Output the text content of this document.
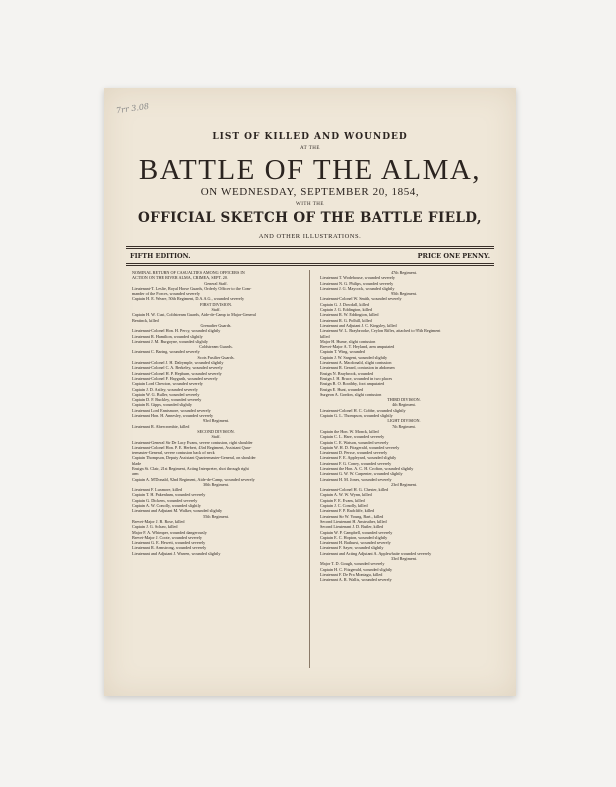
7rr 3.08
LIST OF KILLED AND WOUNDED
AT THE
BATTLE OF THE ALMA,
ON WEDNESDAY, SEPTEMBER 20, 1854,
WITH THE
OFFICIAL SKETCH OF THE BATTLE FIELD,
AND OTHER ILLUSTRATIONS.
FIFTH EDITION.	PRICE ONE PENNY.
NOMINAL RETURN OF CASUALTIES AMONG OFFICERS IN
ACTION ON THE RIVER ALMA, CRIMEA, SEPT. 20.
General Staff.
Lieutenant-T. Leslie, Royal Horse Guards, Orderly Officer to the Com-
mander of the Forces, wounded severely
Captain H. E. Weare, 50th Regiment, D.A.A.G., wounded severely
FIRST DIVISION.
Staff.
Captain H. W. Cust, Coldstream Guards, Aide-de-Camp to Major-General
Bentinck, killed
Grenadier Guards.
Lieutenant-Colonel Hon. H. Percy, wounded slightly
Lieutenant R. Hamilton, wounded slightly
Lieutenant J. M. Burgoyne, wounded slightly
Coldstream Guards.
Lieutenant C. Baring, wounded severely
Scots Fusilier Guards.
Lieutenant-Colonel J. H. Dalrymple, wounded slightly
Lieutenant-Colonel C. A. Berkeley, wounded severely
Lieutenant-Colonel H. P. Hepburn, wounded severely
Lieutenant-Colonel F. Haygarth, wounded severely
Captain Lord Chewton, wounded severely
Captain J. D. Astley, wounded severely
Captain W. G. Buller, wounded severely
Captain D. F. Buckley, wounded severely
Captain R. Gipps, wounded slightly
Lieutenant Lord Ennismore, wounded severely
Lieutenant Hon. H. Annesley, wounded severely
93rd Regiment.
Lieutenant R. Abercrombie, killed
SECOND DIVISION.
Staff.
Lieutenant-General Sir De Lacy Evans, severe contusion, right shoulder
Lieutenant-Colonel Hon. P. E. Herbert, 43rd Regiment, Assistant Quar-
termaster-General, severe contusion back of neck
Captain Thompson, Deputy Assistant Quartermaster-General, on shoulder
blade
Ensign St. Clair, 21st Regiment, Acting Interpreter, shot through right
arm
Captain A. M'Donald, 92nd Regiment, Aide-de-Camp, wounded severely
30th Regiment.
Lieutenant F. Luxmore, killed
Captain T. H. Pakenham, wounded severely
Captain G. Dickens, wounded severely
Captain A. W. Conolly, wounded slightly
Lieutenant and Adjutant M. Walker, wounded slightly
55th Regiment.
Brevet-Major J. B. Rose, killed
Captain J. G. Schaw, killed
Major F. A. Whimper, wounded dangerously
Brevet-Major J. Coote, wounded severely
Lieutenant G. E. Hewett, wounded severely
Lieutenant R. Armstrong, wounded severely
Lieutenant and Adjutant J. Warren, wounded slightly
47th Regiment.
Lieutenant T. Wodehouse, wounded severely
Lieutenant N. G. Philips, wounded severely
Lieutenant J. G. Maycock, wounded slightly
95th Regiment.
Lieutenant-Colonel W. Smith, wounded severely
Captain G. J. Dowdall, killed
Captain J. G. Eddington, killed
Lieutenant R. W. Eddington, killed
Lieutenant R. G. Polhill, killed
Lieutenant and Adjutant J. C. Kingsley, killed
Lieutenant W. L. Braybrooke, Ceylon Rifles, attached to 95th Regiment
killed
Major H. Hume, slight contusion
Brevet-Major A. T. Heyland, arm amputated
Captain T. Wing, wounded
Captain J. W. Sargent, wounded slightly
Lieutenant A. Macdonald, slight contusion
Lieutenant R. Gerard, contusion in abdomen
Ensign N. Braybrook, wounded
Ensign J. H. Bruce, wounded in two places
Ensign B. O. Boothby, foot amputated
Ensign E. Hunt, wounded
Surgeon A. Gordon, slight contusion
THIRD DIVISION.
4th Regiment.
Lieutenant-Colonel H. C. Cobbe, wounded slightly
Captain G. L. Thompson, wounded slightly
LIGHT DIVISION.
7th Regiment.
Captain the Hon. W. Monck, killed
Captain C. L. Hare, wounded severely
Captain C. E. Watson, wounded severely
Captain W. H. D. Fitzgerald, wounded severely
Lieutenant D. Persse, wounded severely
Lieutenant F. E. Appleyard, wounded slightly
Lieutenant F. G. Coney, wounded severely
Lieutenant the Hon. A. C. H. Crofton, wounded slightly
Lieutenant G. W. W. Carpenter, wounded slightly
Lieutenant H. M. Jones, wounded severely
23rd Regiment.
Lieutenant-Colonel H. G. Chester, killed
Captain A. W. W. Wynn, killed
Captain F. E. Evans, killed
Captain J. C. Conolly, killed
Lieutenant F. P. Radcliffe, killed
Lieutenant Sir W. Young, Bart., killed
Second Lieutenant H. Anstruther, killed
Second Lieutenant J. D. Butler, killed
Captain W. P. Campbell, wounded severely
Captain E. C. Hopton, wounded slightly
Lieutenant H. Bathurst, wounded severely
Lieutenant F. Sayer, wounded slightly
Lieutenant and Acting Adjutant A. Applewhaite wounded severely
33rd Regiment.
Major T. D. Gough, wounded severely
Captain H. C. Fitzgerald, wounded slightly
Lieutenant F. De Pra Montagu, killed
Lieutenant A. R. Wallis, wounded severely
